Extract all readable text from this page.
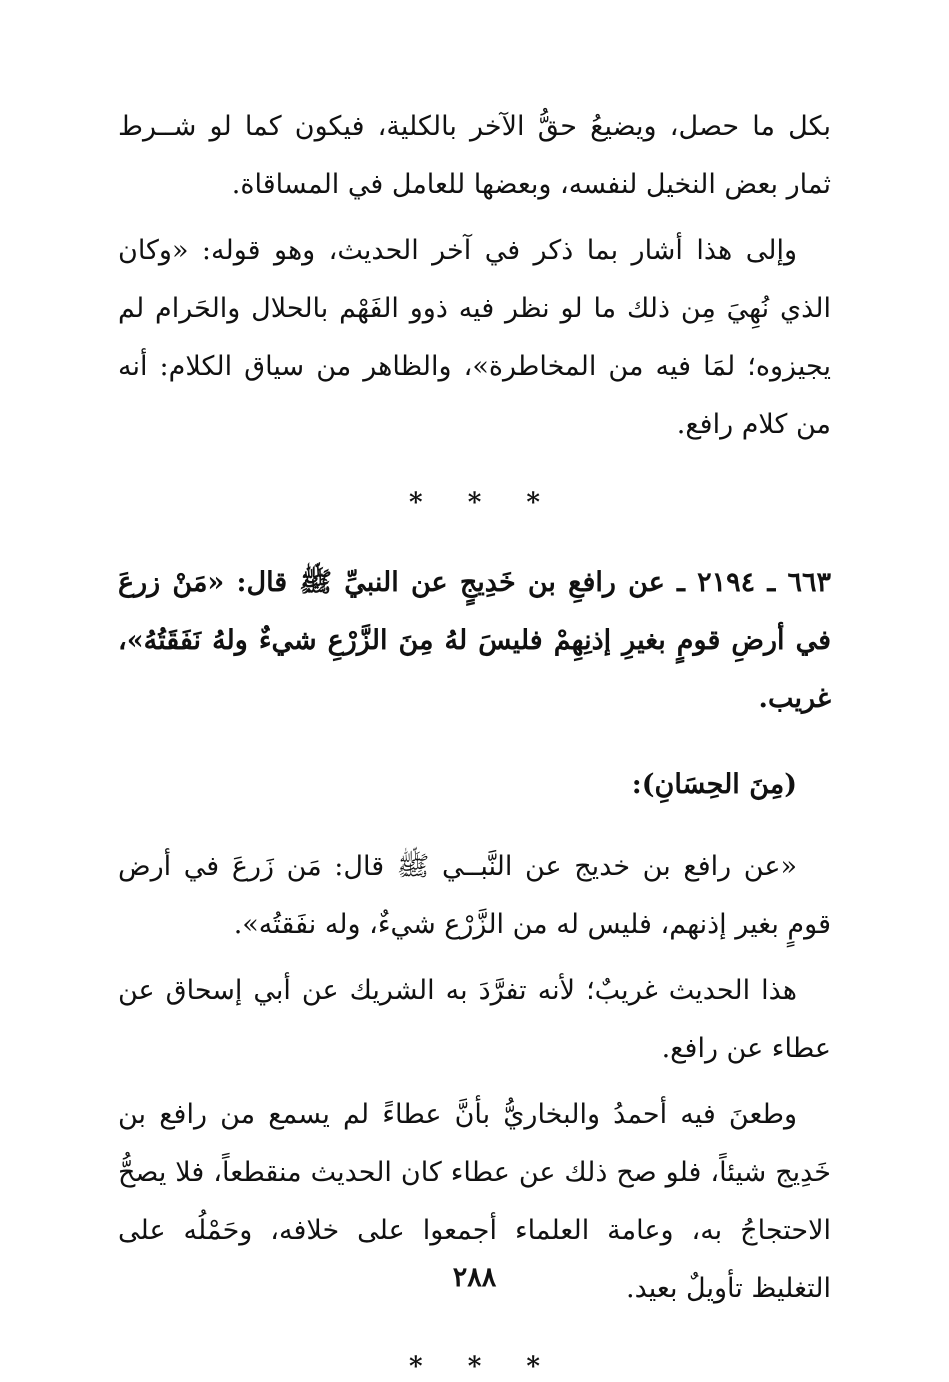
بكل ما حصل، ويضيعُ حقُّ الآخر بالكلية، فيكون كما لو شــرط ثمار بعض النخيل لنفسه، وبعضها للعامل في المساقاة.

وإلى هذا أشار بما ذكر في آخر الحديث، وهو قوله: «وكان الذي نُهِيَ مِن ذلك ما لو نظر فيه ذوو الفَهْم بالحلال والحَرام لم يجيزوه؛ لمَا فيه من المخاطرة»، والظاهر من سياق الكلام: أنه من كلام رافع.

* * *
٦٦٣ ـ ٢١٩٤ ـ عن رافعِ بن خَدِيجٍ عن النبيِّ ﷺ قال: «مَنْ زرعَ في أرضِ قومٍ بغيرِ إذنِهِمْ فليسَ لهُ مِنَ الزَّرْعِ شيءٌ ولهُ نَفَقَتُهُ»، غريب.

(مِنَ الحِسَانِ):

«عن رافع بن خديج عن النَّبــي ﷺ قال: مَن زَرعَ في أرض قومٍ بغير إذنهم، فليس له من الزَّرْع شيءٌ، وله نفَقتُه».

هذا الحديث غريبٌ؛ لأنه تفرَّدَ به الشريك عن أبي إسحاق عن عطاء عن رافع.

وطعنَ فيه أحمدُ والبخاريُّ بأنَّ عطاءً لم يسمع من رافع بن خَدِيج شيئاً، فلو صح ذلك عن عطاء كان الحديث منقطعاً، فلا يصحُّ الاحتجاجُ به، وعامة العلماء أجمعوا على خلافه، وحَمْلُه على التغليظ تأويلٌ بعيد.

* * *
٢٨٨
